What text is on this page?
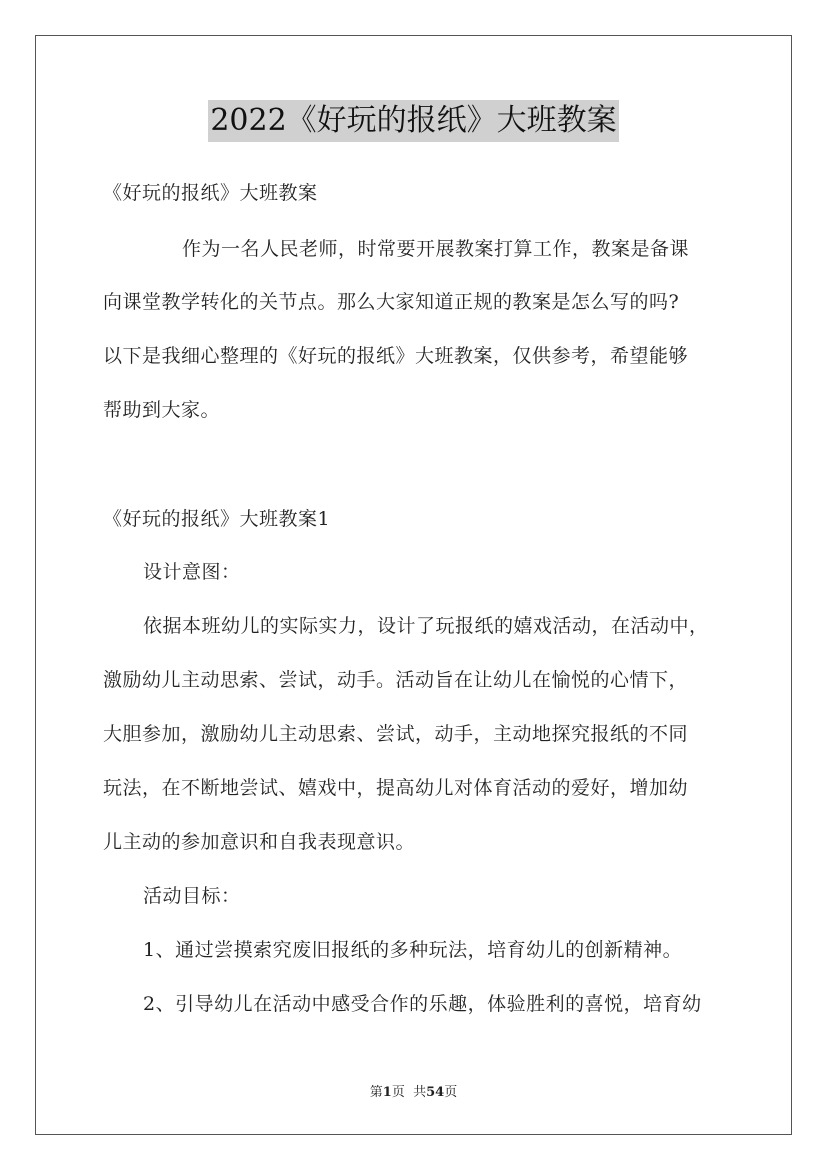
2022《好玩的报纸》大班教案
《好玩的报纸》大班教案
作为一名人民老师，时常要开展教案打算工作，教案是备课
向课堂教学转化的关节点。那么大家知道正规的教案是怎么写的吗?
以下是我细心整理的《好玩的报纸》大班教案，仅供参考，希望能够
帮助到大家。
《好玩的报纸》大班教案1
设计意图：
依据本班幼儿的实际实力，设计了玩报纸的嬉戏活动，在活动中，
激励幼儿主动思索、尝试，动手。活动旨在让幼儿在愉悦的心情下，
大胆参加，激励幼儿主动思索、尝试，动手，主动地探究报纸的不同
玩法，在不断地尝试、嬉戏中，提高幼儿对体育活动的爱好，增加幼
儿主动的参加意识和自我表现意识。
活动目标：
1、通过尝摸索究废旧报纸的多种玩法，培育幼儿的创新精神。
2、引导幼儿在活动中感受合作的乐趣，体验胜利的喜悦，培育幼
第1页 共54页
